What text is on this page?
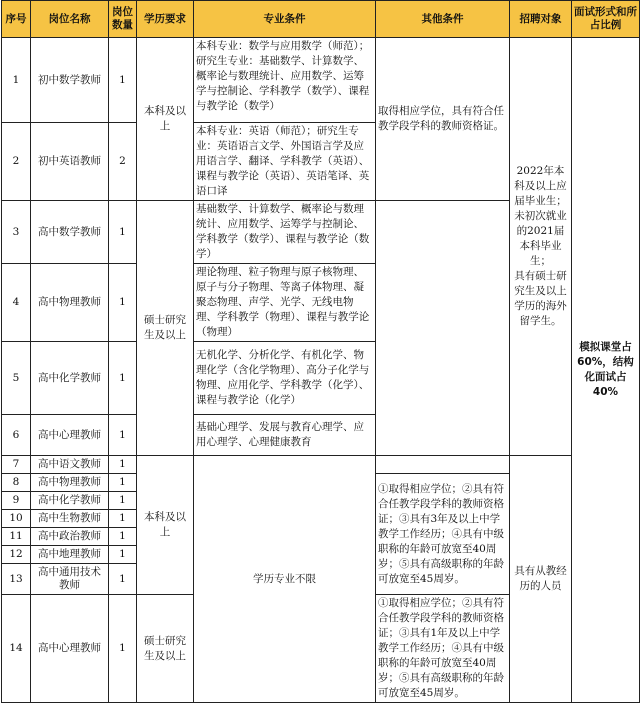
序号	岗位名称	岗位数量	学历要求	专业条件	其他条件	招聘对象	面试形式和所占比例
1	初中数学教师	1	本科及以上	本科专业：数学与应用数学（师范）；研究生专业：基础数学、计算数学、概率论与数理统计、应用数学、运筹学与控制论、学科教学（数学）、课程与教学论（数学）	取得相应学位，具有符合任教学段学科的教师资格证。	2022年本科及以上应届毕业生；
未初次就业的2021届本科毕业生；
具有硕士研究生及以上学历的海外留学生。	模拟课堂占60%，结构化面试占40%
2	初中英语教师	2		本科专业：英语（师范）；研究生专业：英语语言文学、外国语言学及应用语言学、翻译、学科教学（英语）、课程与教学论（英语）、英语笔译、英语口译			
3	高中数学教师	1	硕士研究生及以上	基础数学、计算数学、概率论与数理统计、应用数学、运筹学与控制论、学科教学（数学）、课程与教学论（数学）			
4	高中物理教师	1		理论物理、粒子物理与原子核物理、原子与分子物理、等离子体物理、凝聚态物理、声学、光学、无线电物理、学科教学（物理）、课程与教学论（物理）			
5	高中化学教师	1		无机化学、分析化学、有机化学、物理化学（含化学物理）、高分子化学与物理、应用化学、学科教学（化学）、课程与教学论（化学）			
6	高中心理教师	1		基础心理学、发展与教育心理学、应用心理学、心理健康教育			
7	高中语文教师	1	本科及以上	学历专业不限		具有从教经历的人员	
8	高中物理教师	1			①取得相应学位；②具有符合任教学段学科的教师资格证；③具有3年及以上中学教学工作经历；④具有中级职称的年龄可放宽至40周岁；⑤具有高级职称的年龄可放宽至45周岁。		
9	高中化学教师	1					
10	高中生物教师	1					
11	高中政治教师	1					
12	高中地理教师	1					
13	高中通用技术教师	1					
14	高中心理教师	1	硕士研究生及以上		①取得相应学位；②具有符合任教学段学科的教师资格证；③具有1年及以上中学教学工作经历；④具有中级职称的年龄可放宽至40周岁；⑤具有高级职称的年龄可放宽至45周岁。		
